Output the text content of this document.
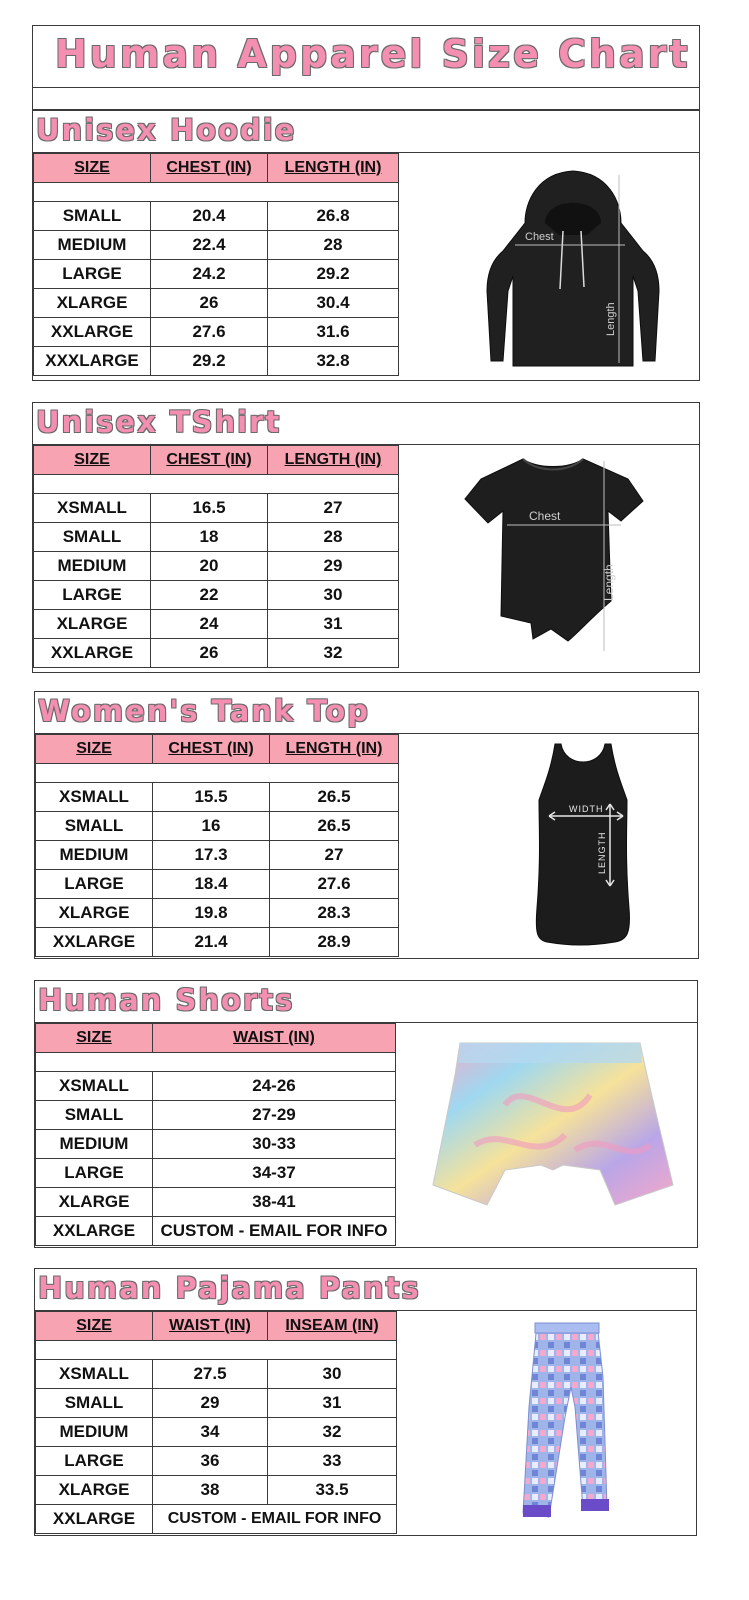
Human Apparel Size Chart
Unisex Hoodie
SIZE	CHEST (IN)	LENGTH (IN)

SMALL	20.4	26.8
MEDIUM	22.4	28
LARGE	24.2	29.2
XLARGE	26	30.4
XXLARGE	27.6	31.6
XXXLARGE	29.2	32.8
Chest
Length
Unisex TShirt
SIZE	CHEST (IN)	LENGTH (IN)

XSMALL	16.5	27
SMALL	18	28
MEDIUM	20	29
LARGE	22	30
XLARGE	24	31
XXLARGE	26	32
Chest
Length
Women's Tank Top
SIZE	CHEST (IN)	LENGTH (IN)

XSMALL	15.5	26.5
SMALL	16	26.5
MEDIUM	17.3	27
LARGE	18.4	27.6
XLARGE	19.8	28.3
XXLARGE	21.4	28.9
WIDTH
LENGTH
Human Shorts
SIZE	WAIST (IN)

XSMALL	24-26
SMALL	27-29
MEDIUM	30-33
LARGE	34-37
XLARGE	38-41
XXLARGE	CUSTOM - EMAIL FOR INFO
Human Pajama Pants
SIZE	WAIST (IN)	INSEAM (IN)

XSMALL	27.5	30
SMALL	29	31
MEDIUM	34	32
LARGE	36	33
XLARGE	38	33.5
XXLARGE	CUSTOM - EMAIL FOR INFO	
